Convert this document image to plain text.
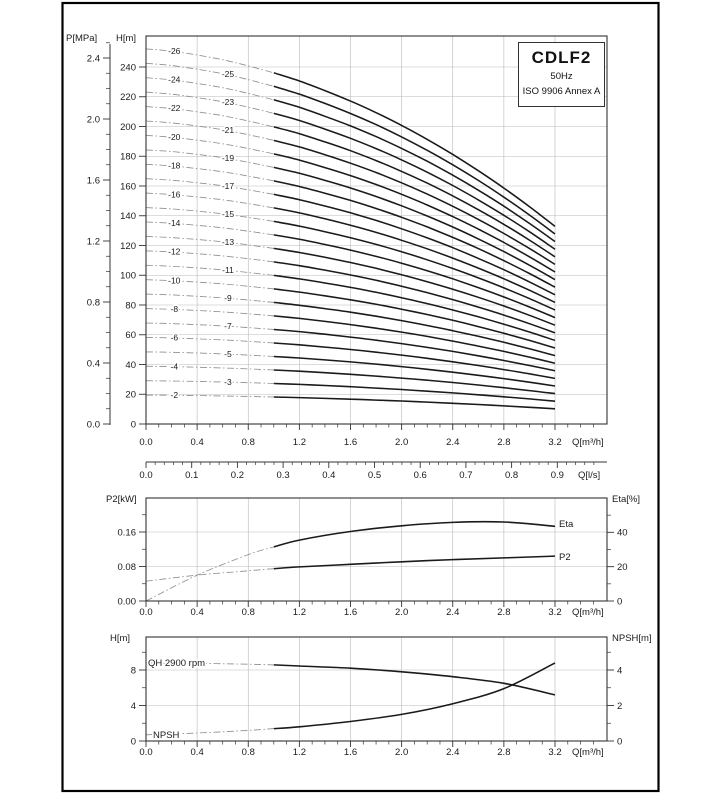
-2
-3
-4
-5
-6
-7
-8
-9
-10
-11
-12
-13
-14
-15
-16
-17
-18
-19
-20
-21
-22
-23
-24
-25
-26
0
20
40
60
80
100
120
140
160
180
200
220
240
H[m]
0.0
0.4
0.8
1.2
1.6
2.0
2.4
P[MPa]
0.0	0.4	0.8	1.2	1.6	2.0	2.4	2.8	3.2 Q[m³/h]
0.0	0.1	0.2	0.3	0.4	0.5	0.6	0.7	0.8	0.9 Q[l/s]
0.00
0.08
0.16
P2[kW]
0
20
40
Eta[%]
0.0	0.4	0.8	1.2	1.6	2.0	2.4	2.8	3.2 Q[m³/h]
Eta
P2
0
4
8
H[m]
0
2
4
NPSH[m]
0.0	0.4	0.8	1.2	1.6	2.0	2.4	2.8	3.2 Q[m³/h]
QH 2900 rpm
NPSH
CDLF2
50Hz
ISO 9906 Annex A
